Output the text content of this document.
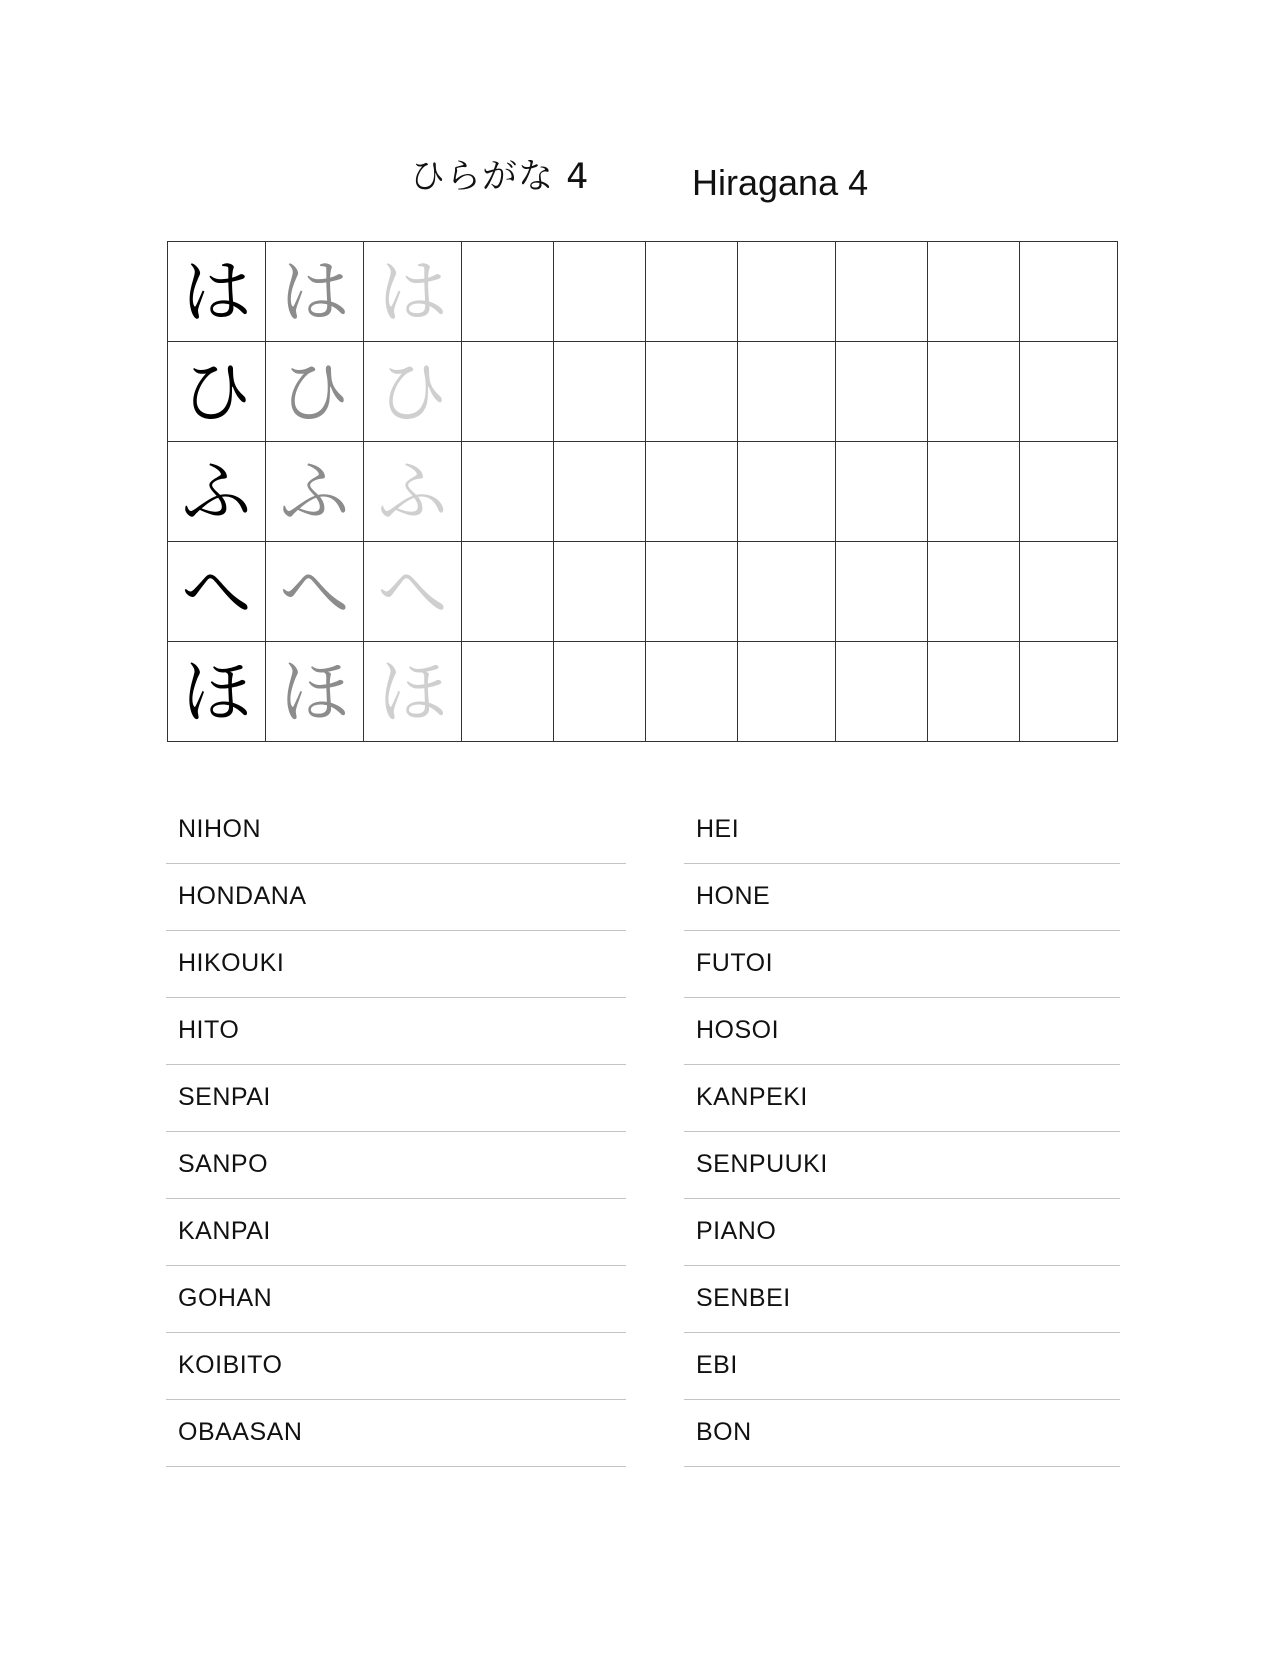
ひらがな 4	Hiragana 4
は	は	は							
ひ	ひ	ひ							
ふ	ふ	ふ							
へ	へ	へ							
ほ	ほ	ほ							
NIHON
HONDANA
HIKOUKI
HITO
SENPAI
SANPO
KANPAI
GOHAN
KOIBITO
OBAASAN
HEI
HONE
FUTOI
HOSOI
KANPEKI
SENPUUKI
PIANO
SENBEI
EBI
BON
